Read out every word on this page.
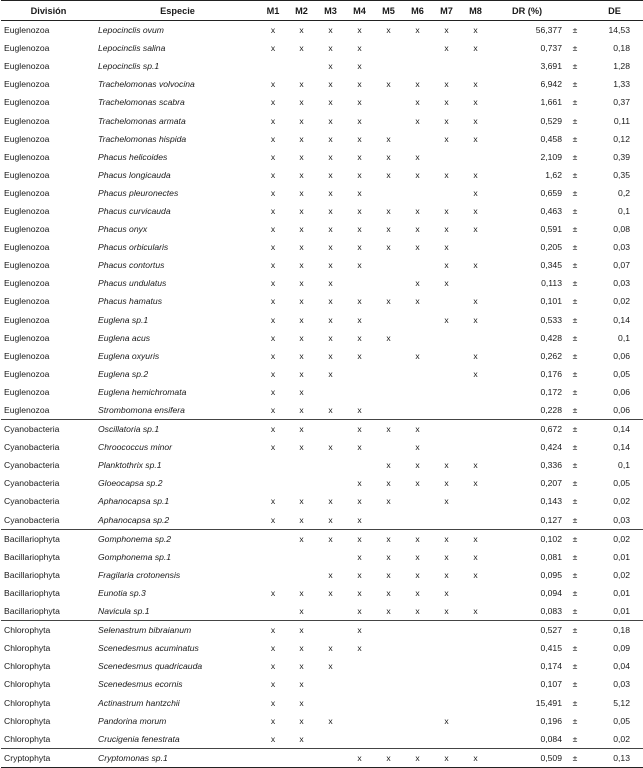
División	Especie	M1	M2	M3	M4	M5	M6	M7	M8	DR (%)		DE
Euglenozoa	Lepocinclis ovum	x	x	x	x	x	x	x	x	56,377	±	14,53
Euglenozoa	Lepocinclis salina	x	x	x	x			x	x	0,737	±	0,18
Euglenozoa	Lepocinclis sp.1			x	x					3,691	±	1,28
Euglenozoa	Trachelomonas volvocina	x	x	x	x	x	x	x	x	6,942	±	1,33
Euglenozoa	Trachelomonas scabra	x	x	x	x		x	x	x	1,661	±	0,37
Euglenozoa	Trachelomonas armata	x	x	x	x		x	x	x	0,529	±	0,11
Euglenozoa	Trachelomonas hispida	x	x	x	x	x		x	x	0,458	±	0,12
Euglenozoa	Phacus helicoides	x	x	x	x	x	x			2,109	±	0,39
Euglenozoa	Phacus longicauda	x	x	x	x	x	x	x	x	1,62	±	0,35
Euglenozoa	Phacus pleuronectes	x	x	x	x				x	0,659	±	0,2
Euglenozoa	Phacus curvicauda	x	x	x	x	x	x	x	x	0,463	±	0,1
Euglenozoa	Phacus onyx	x	x	x	x	x	x	x	x	0,591	±	0,08
Euglenozoa	Phacus orbicularis	x	x	x	x	x	x	x		0,205	±	0,03
Euglenozoa	Phacus contortus	x	x	x	x			x	x	0,345	±	0,07
Euglenozoa	Phacus undulatus	x	x	x			x	x		0,113	±	0,03
Euglenozoa	Phacus hamatus	x	x	x	x	x	x		x	0,101	±	0,02
Euglenozoa	Euglena sp.1	x	x	x	x			x	x	0,533	±	0,14
Euglenozoa	Euglena acus	x	x	x	x	x				0,428	±	0,1
Euglenozoa	Euglena oxyuris	x	x	x	x		x		x	0,262	±	0,06
Euglenozoa	Euglena sp.2	x	x	x					x	0,176	±	0,05
Euglenozoa	Euglena hemichromata	x	x							0,172	±	0,06
Euglenozoa	Strombomona ensifera	x	x	x	x					0,228	±	0,06
Cyanobacteria	Oscillatoria sp.1	x	x		x	x	x			0,672	±	0,14
Cyanobacteria	Chroococcus minor	x	x	x	x		x			0,424	±	0,14
Cyanobacteria	Planktothrix sp.1					x	x	x	x	0,336	±	0,1
Cyanobacteria	Gloeocapsa sp.2				x	x	x	x	x	0,207	±	0,05
Cyanobacteria	Aphanocapsa sp.1	x	x	x	x	x		x		0,143	±	0,02
Cyanobacteria	Aphanocapsa sp.2	x	x	x	x					0,127	±	0,03
Bacillariophyta	Gomphonema sp.2		x	x	x	x	x	x	x	0,102	±	0,02
Bacillariophyta	Gomphonema sp.1				x	x	x	x	x	0,081	±	0,01
Bacillariophyta	Fragilaria crotonensis			x	x	x	x	x	x	0,095	±	0,02
Bacillariophyta	Eunotia sp.3	x	x	x	x	x	x	x		0,094	±	0,01
Bacillariophyta	Navicula sp.1		x		x	x	x	x	x	0,083	±	0,01
Chlorophyta	Selenastrum bibraianum	x	x		x					0,527	±	0,18
Chlorophyta	Scenedesmus acuminatus	x	x	x	x					0,415	±	0,09
Chlorophyta	Scenedesmus quadricauda	x	x	x						0,174	±	0,04
Chlorophyta	Scenedesmus ecornis	x	x							0,107	±	0,03
Chlorophyta	Actinastrum hantzchii	x	x							15,491	±	5,12
Chlorophyta	Pandorina morum	x	x	x				x		0,196	±	0,05
Chlorophyta	Crucigenia fenestrata	x	x							0,084	±	0,02
Cryptophyta	Cryptomonas sp.1				x	x	x	x	x	0,509	±	0,13
